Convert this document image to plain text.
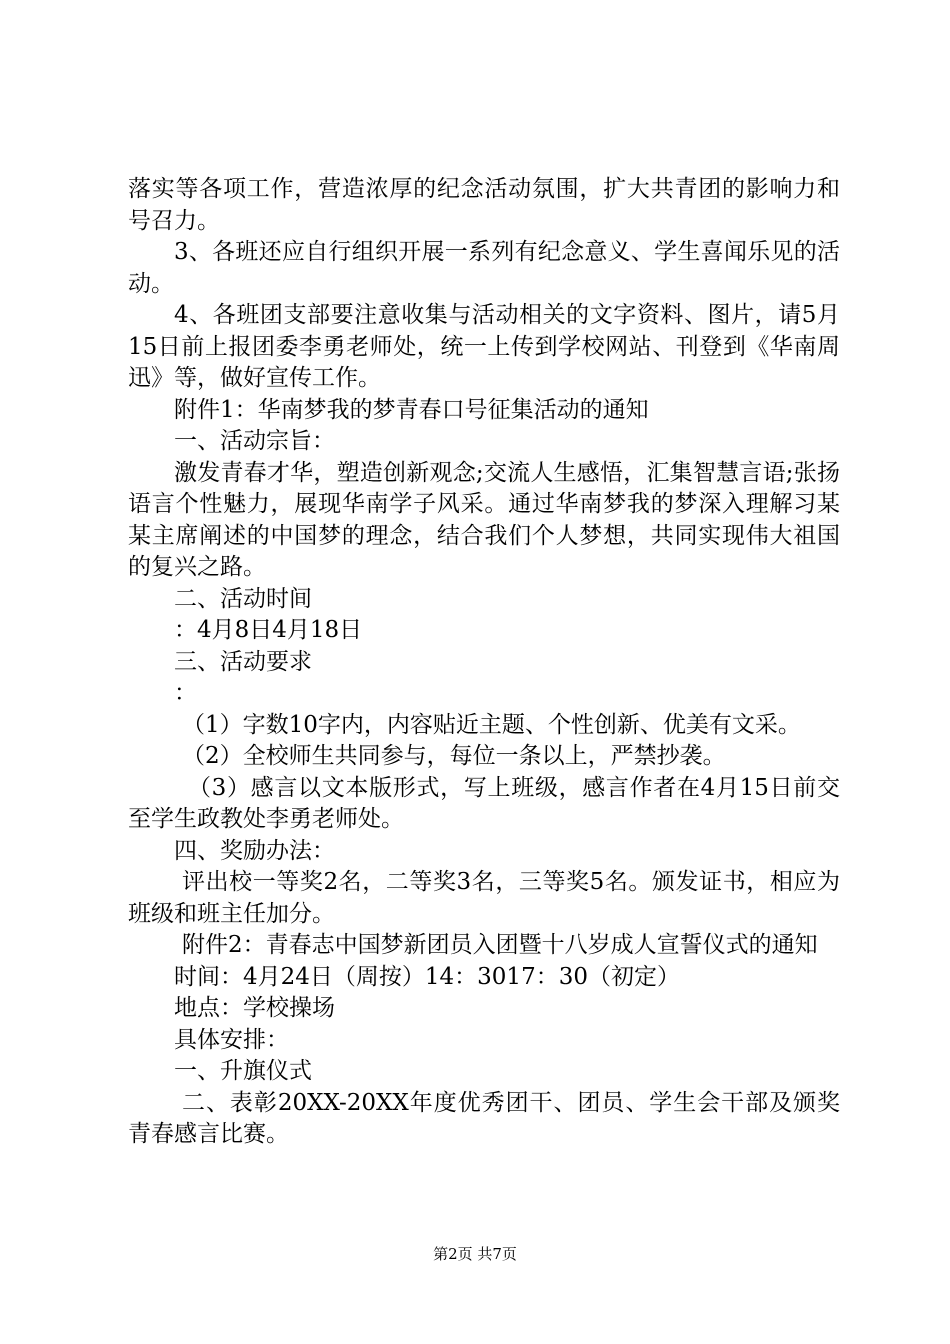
落实等各项工作，营造浓厚的纪念活动氛围，扩大共青团的影响力和号召力。

3、各班还应自行组织开展一系列有纪念意义、学生喜闻乐见的活动。

4、各班团支部要注意收集与活动相关的文字资料、图片，请5月15日前上报团委李勇老师处，统一上传到学校网站、刊登到《华南周迅》等，做好宣传工作。

附件1：华南梦我的梦青春口号征集活动的通知

一、活动宗旨：

激发青春才华，塑造创新观念;交流人生感悟，汇集智慧言语;张扬语言个性魅力，展现华南学子风采。通过华南梦我的梦深入理解习某某主席阐述的中国梦的理念，结合我们个人梦想，共同实现伟大祖国的复兴之路。

二、活动时间

：4月8日4月18日

三、活动要求

：

（1）字数10字内，内容贴近主题、个性创新、优美有文采。

（2）全校师生共同参与，每位一条以上，严禁抄袭。

（3）感言以文本版形式，写上班级，感言作者在4月15日前交至学生政教处李勇老师处。

四、奖励办法：

评出校一等奖2名，二等奖3名，三等奖5名。颁发证书，相应为班级和班主任加分。

附件2：青春志中国梦新团员入团暨十八岁成人宣誓仪式的通知

时间：4月24日（周按）14：3017：30（初定）

地点：学校操场

具体安排：

一、升旗仪式

二、表彰20XX-20XX年度优秀团干、团员、学生会干部及颁奖青春感言比赛。

第2页 共7页
